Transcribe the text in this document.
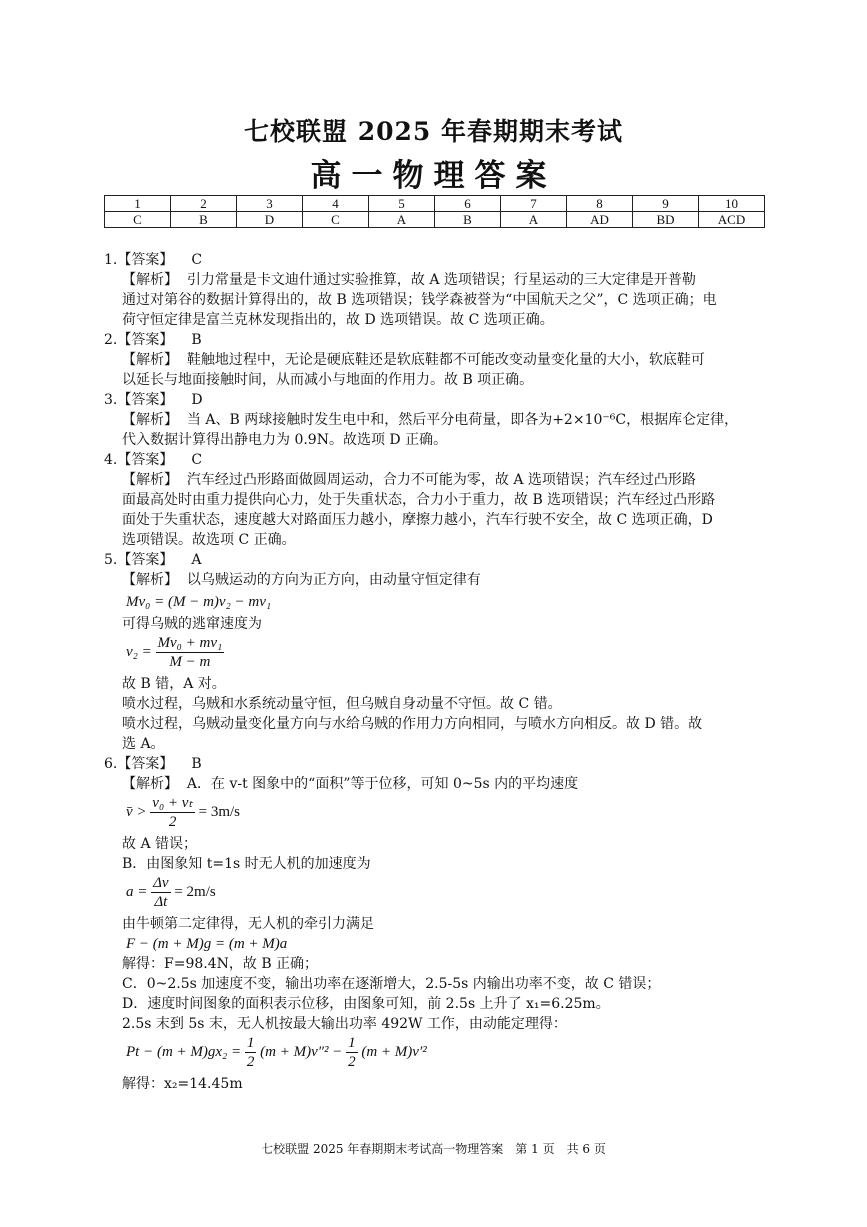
七校联盟 2025 年春期期末考试
高一物理答案
1	2	3	4	5	6	7	8	9	10
C	B	D	C	A	B	A	AD	BD	ACD
1.【答案】 C
【解析】 引力常量是卡文迪什通过实验推算，故 A 选项错误；行星运动的三大定律是开普勒
通过对第谷的数据计算得出的，故 B 选项错误；钱学森被誉为“中国航天之父”，C 选项正确；电
荷守恒定律是富兰克林发现指出的，故 D 选项错误。故 C 选项正确。
2.【答案】 B
【解析】 鞋触地过程中，无论是硬底鞋还是软底鞋都不可能改变动量变化量的大小，软底鞋可
以延长与地面接触时间，从而减小与地面的作用力。故 B 项正确。
3.【答案】 D
【解析】 当 A、B 两球接触时发生电中和，然后平分电荷量，即各为+2×10⁻⁶C，根据库仑定律，
代入数据计算得出静电力为 0.9N。故选项 D 正确。
4.【答案】 C
【解析】 汽车经过凸形路面做圆周运动，合力不可能为零，故 A 选项错误；汽车经过凸形路
面最高处时由重力提供向心力，处于失重状态，合力小于重力，故 B 选项错误；汽车经过凸形路
面处于失重状态，速度越大对路面压力越小，摩擦力越小，汽车行驶不安全，故 C 选项正确，D
选项错误。故选项 C 正确。
5.【答案】 A
【解析】 以乌贼运动的方向为正方向，由动量守恒定律有
Mv₀ = (M − m)v₂ − mv₁
可得乌贼的逃窜速度为
$v_2 = \frac{\text{Mv₀ + mv₁}}{M - m}$
故 B 错，A 对。
喷水过程，乌贼和水系统动量守恒，但乌贼自身动量不守恒。故 C 错。
喷水过程，乌贼动量变化量方向与水给乌贼的作用力方向相同，与喷水方向相反。故 D 错。故
选 A。
6.【答案】 B
【解析】 A．在 v-t 图象中的“面积”等于位移，可知 0~5s 内的平均速度
v̄ > $\frac{\text{v₀ + vₜ}}{2} = 3m/s$
故 A 错误；
B．由图象知 t=1s 时无人机的加速度为
$a = \frac{\Delta v}{\Delta t} = 2m/s$
由牛顿第二定律得，无人机的牵引力满足
F − (m + M)g = (m + M)a
解得：F=98.4N，故 B 正确；
C．0~2.5s 加速度不变，输出功率在逐渐增大，2.5-5s 内输出功率不变，故 C 错误；
D．速度时间图象的面积表示位移，由图象可知，前 2.5s 上升了 x₁=6.25m。
2.5s 末到 5s 末，无人机按最大输出功率 492W 工作，由动能定理得：
$Pt - (m + M)gx_2 = \frac{1}{2} (m + M)v''^2 - \frac{1}{2} (m + M)v'^2$
解得：x₂=14.45m
七校联盟 2025 年春期期末考试高一物理答案　第 1 页　共 6 页
